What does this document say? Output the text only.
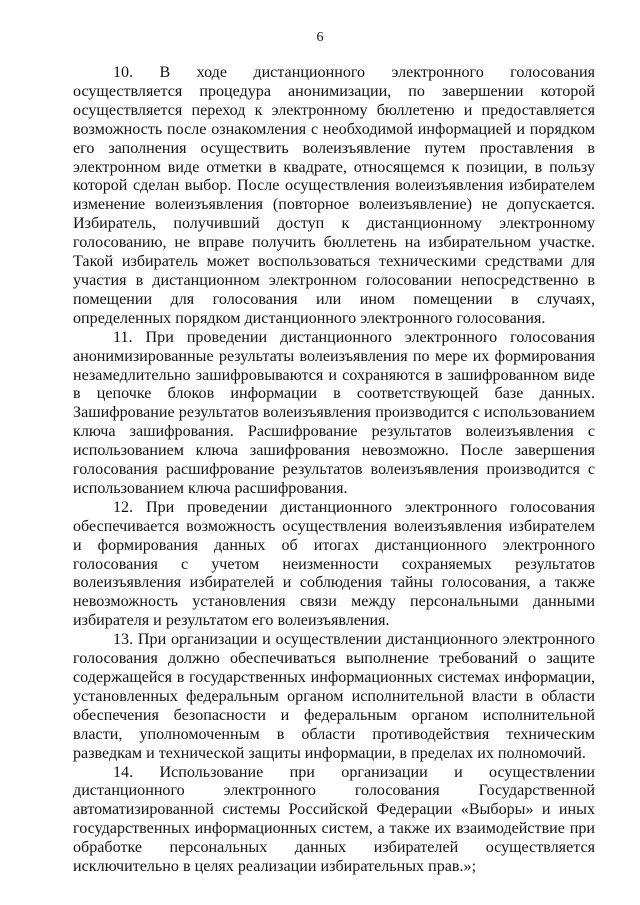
6

10. В ходе дистанционного электронного голосования осуществляется процедура анонимизации, по завершении которой осуществляется переход к электронному бюллетеню и предоставляется возможность после ознакомления с необходимой информацией и порядком его заполнения осуществить волеизъявление путем проставления в электронном виде отметки в квадрате, относящемся к позиции, в пользу которой сделан выбор. После осуществления волеизъявления избирателем изменение волеизъявления (повторное волеизъявление) не допускается. Избиратель, получивший доступ к дистанционному электронному голосованию, не вправе получить бюллетень на избирательном участке. Такой избиратель может воспользоваться техническими средствами для участия в дистанционном электронном голосовании непосредственно в помещении для голосования или ином помещении в случаях, определенных порядком дистанционного электронного голосования.

11. При проведении дистанционного электронного голосования анонимизированные результаты волеизъявления по мере их формирования незамедлительно зашифровываются и сохраняются в зашифрованном виде в цепочке блоков информации в соответствующей базе данных. Зашифрование результатов волеизъявления производится с использованием ключа зашифрования. Расшифрование результатов волеизъявления с использованием ключа зашифрования невозможно. После завершения голосования расшифрование результатов волеизъявления производится с использованием ключа расшифрования.

12. При проведении дистанционного электронного голосования обеспечивается возможность осуществления волеизъявления избирателем и формирования данных об итогах дистанционного электронного голосования с учетом неизменности сохраняемых результатов волеизъявления избирателей и соблюдения тайны голосования, а также невозможность установления связи между персональными данными избирателя и результатом его волеизъявления.

13. При организации и осуществлении дистанционного электронного голосования должно обеспечиваться выполнение требований о защите содержащейся в государственных информационных системах информации, установленных федеральным органом исполнительной власти в области обеспечения безопасности и федеральным органом исполнительной власти, уполномоченным в области противодействия техническим разведкам и технической защиты информации, в пределах их полномочий.

14. Использование при организации и осуществлении дистанционного электронного голосования Государственной автоматизированной системы Российской Федерации «Выборы» и иных государственных информационных систем, а также их взаимодействие при обработке персональных данных избирателей осуществляется исключительно в целях реализации избирательных прав.»;
